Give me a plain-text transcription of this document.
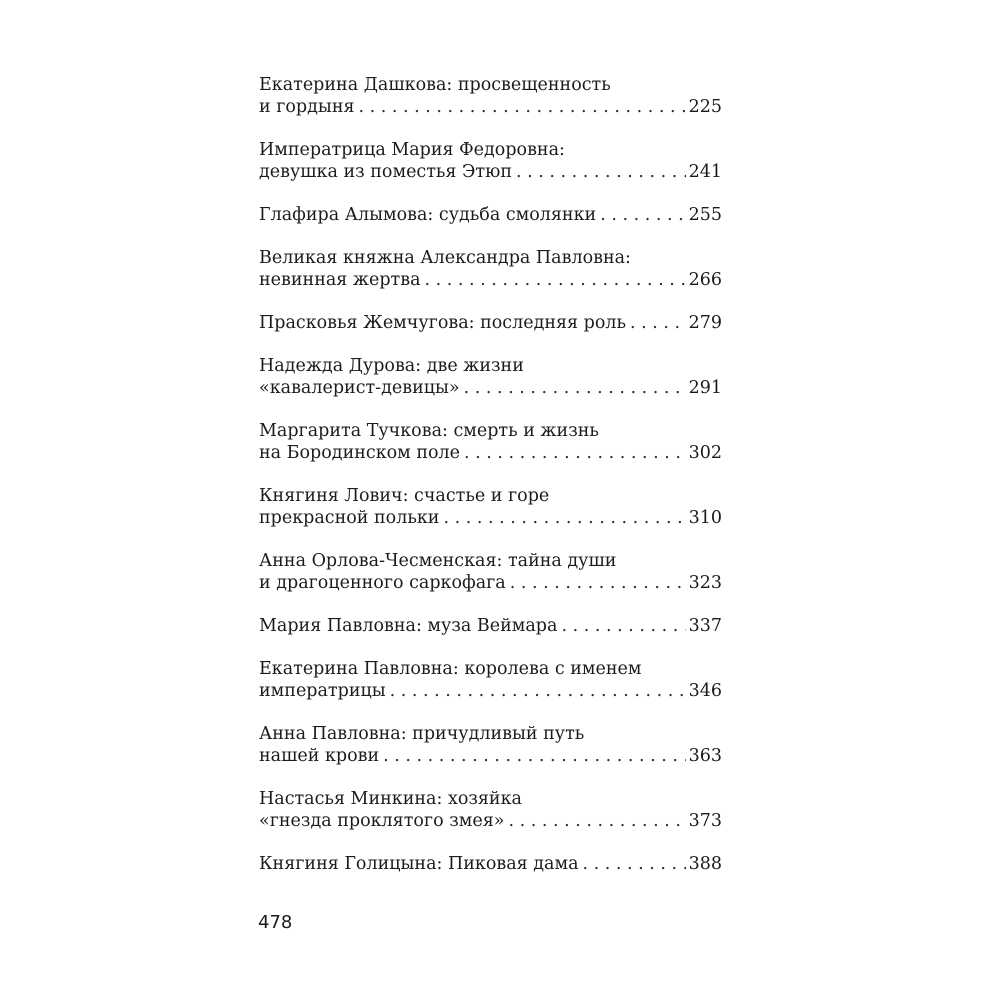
Екатерина Дашкова: просвещенность
и гордыня . . .	225
Императрица Мария Федоровна:
девушка из поместья Этюп . . .	241
Глафира Алымова: судьба смолянки . . .	255
Великая княжна Александра Павловна:
невинная жертва . . .	266
Прасковья Жемчугова: последняя роль . . .	279
Надежда Дурова: две жизни
«кавалерист-девицы» . . .	291
Маргарита Тучкова: смерть и жизнь
на Бородинском поле . . .	302
Княгиня Лович: счастье и горе
прекрасной польки . . .	310
Анна Орлова-Чесменская: тайна души
и драгоценного саркофага . . .	323
Мария Павловна: муза Веймара . . .	337
Екатерина Павловна: королева с именем
императрицы . . .	346
Анна Павловна: причудливый путь
нашей крови . . .	363
Настасья Минкина: хозяйка
«гнезда проклятого змея» . . .	373
Княгиня Голицына: Пиковая дама . . .	388
478
